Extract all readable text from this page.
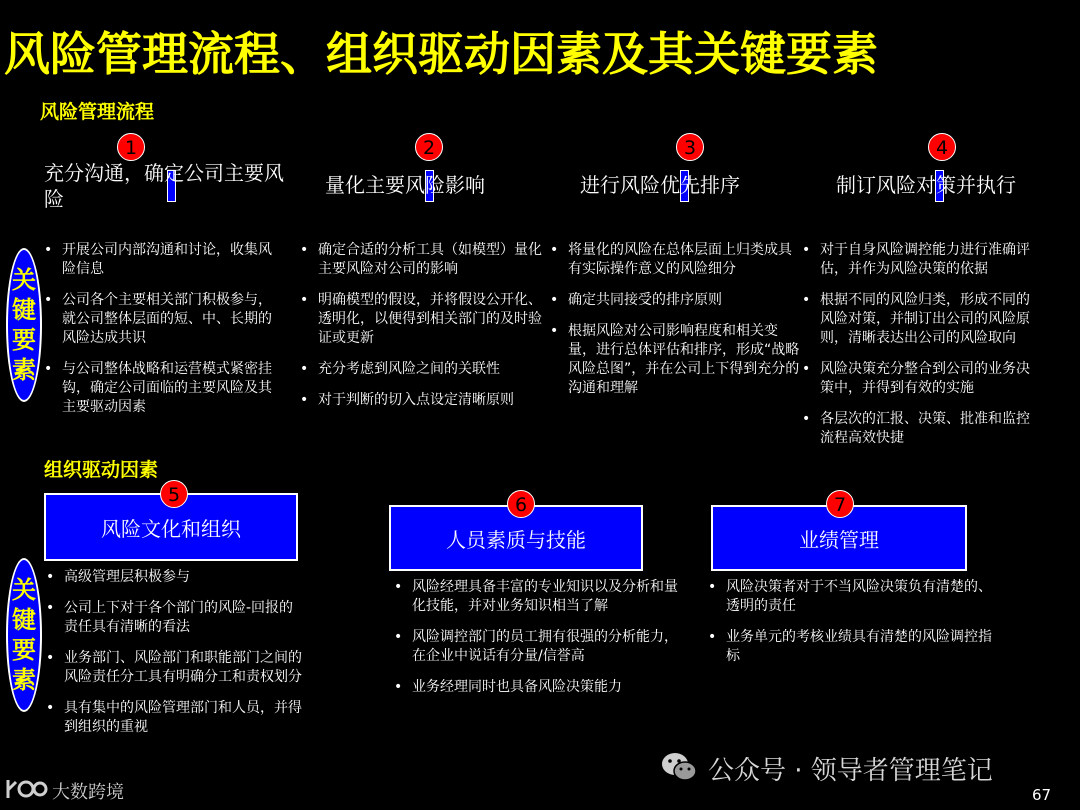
风险管理流程、组织驱动因素及其关键要素
风险管理流程
1	2	3	4
充分沟通，确定公司主要风险
量化主要风险影响	进行风险优先排序	制订风险对策并执行
关键要素
• 开展公司内部沟通和讨论，收集风险信息
• 公司各个主要相关部门积极参与，就公司整体层面的短、中、长期的风险达成共识
• 与公司整体战略和运营模式紧密挂钩，确定公司面临的主要风险及其主要驱动因素
• 确定合适的分析工具（如模型）量化主要风险对公司的影响
• 明确模型的假设，并将假设公开化、透明化，以便得到相关部门的及时验证或更新
• 充分考虑到风险之间的关联性
• 对于判断的切入点设定清晰原则
• 将量化的风险在总体层面上归类成具有实际操作意义的风险细分
• 确定共同接受的排序原则
• 根据风险对公司影响程度和相关变量，进行总体评估和排序，形成“战略风险总图”，并在公司上下得到充分的沟通和理解
• 对于自身风险调控能力进行准确评估，并作为风险决策的依据
• 根据不同的风险归类，形成不同的风险对策，并制订出公司的风险原则，清晰表达出公司的风险取向
• 风险决策充分整合到公司的业务决策中，并得到有效的实施
• 各层次的汇报、决策、批准和监控流程高效快捷
组织驱动因素
风险文化和组织	人员素质与技能	业绩管理
5	6	7
关键要素
• 高级管理层积极参与
• 公司上下对于各个部门的风险-回报的责任具有清晰的看法
• 业务部门、风险部门和职能部门之间的风险责任分工具有明确分工和责权划分
• 具有集中的风险管理部门和人员，并得到组织的重视
• 风险经理具备丰富的专业知识以及分析和量化技能，并对业务知识相当了解
• 风险调控部门的员工拥有很强的分析能力，在企业中说话有分量/信誉高
• 业务经理同时也具备风险决策能力
• 风险决策者对于不当风险决策负有清楚的、透明的责任
• 业务单元的考核业绩具有清楚的风险调控指标
公众号 · 领导者管理笔记
大数跨境	67
